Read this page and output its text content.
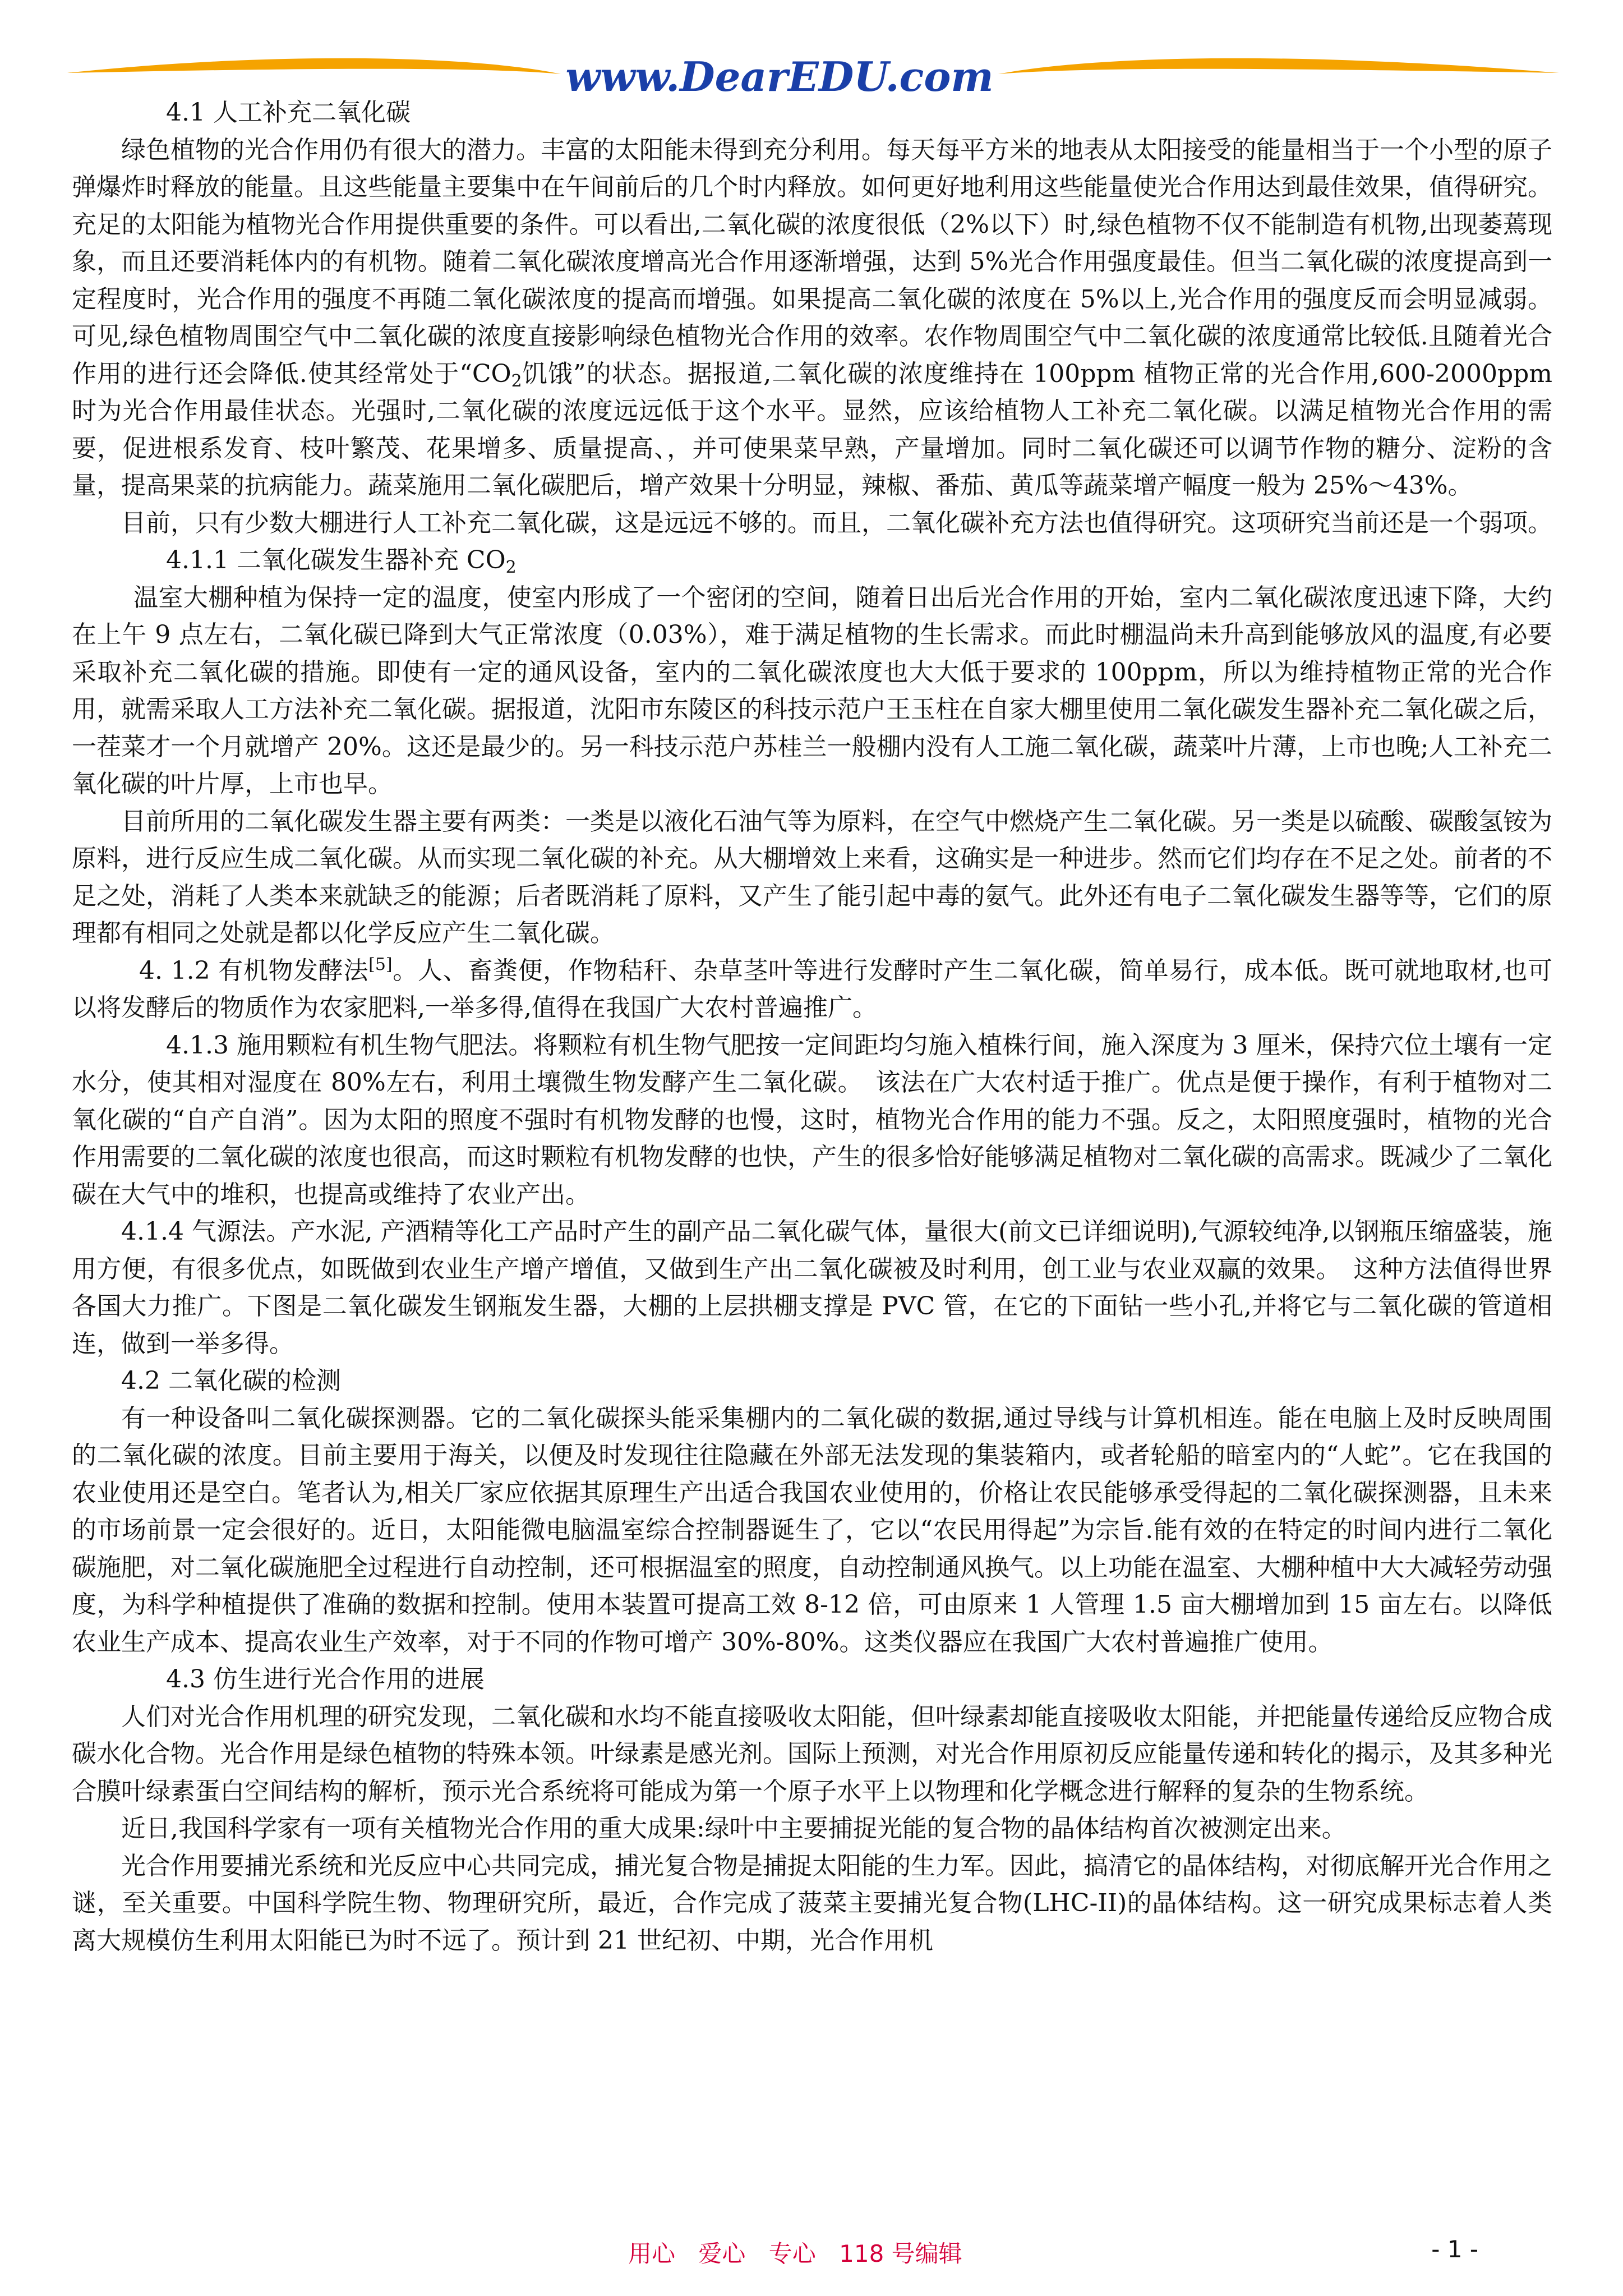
www.DearEDU.com

4.1 人工补充二氧化碳

绿色植物的光合作用仍有很大的潜力。丰富的太阳能未得到充分利用。每天每平方米的地表从太阳接受的能量相当于一个小型的原子弹爆炸时释放的能量。且这些能量主要集中在午间前后的几个时内释放。如何更好地利用这些能量使光合作用达到最佳效果，值得研究。充足的太阳能为植物光合作用提供重要的条件。可以看出,二氧化碳的浓度很低（2%以下）时,绿色植物不仅不能制造有机物,出现萎蔫现象，而且还要消耗体内的有机物。随着二氧化碳浓度增高光合作用逐渐增强，达到 5%光合作用强度最佳。但当二氧化碳的浓度提高到一定程度时，光合作用的强度不再随二氧化碳浓度的提高而增强。如果提高二氧化碳的浓度在 5%以上,光合作用的强度反而会明显减弱。可见,绿色植物周围空气中二氧化碳的浓度直接影响绿色植物光合作用的效率。农作物周围空气中二氧化碳的浓度通常比较低.且随着光合作用的进行还会降低.使其经常处于“$CO_2$饥饿”的状态。据报道,二氧化碳的浓度维持在 100ppm 植物正常的光合作用,600-2000ppm 时为光合作用最佳状态。光强时,二氧化碳的浓度远远低于这个水平。显然，应该给植物人工补充二氧化碳。以满足植物光合作用的需要，促进根系发育、枝叶繁茂、花果增多、质量提高、，并可使果菜早熟，产量增加。同时二氧化碳还可以调节作物的糖分、淀粉的含量，提高果菜的抗病能力。蔬菜施用二氧化碳肥后，增产效果十分明显，辣椒、番茄、黄瓜等蔬菜增产幅度一般为 25%～43%。

目前，只有少数大棚进行人工补充二氧化碳，这是远远不够的。而且，二氧化碳补充方法也值得研究。这项研究当前还是一个弱项。

4.1.1 二氧化碳发生器补充 $CO_2$

温室大棚种植为保持一定的温度，使室内形成了一个密闭的空间，随着日出后光合作用的开始，室内二氧化碳浓度迅速下降，大约在上午 9 点左右，二氧化碳已降到大气正常浓度（0.03%），难于满足植物的生长需求。而此时棚温尚未升高到能够放风的温度,有必要采取补充二氧化碳的措施。即使有一定的通风设备，室内的二氧化碳浓度也大大低于要求的 100ppm，所以为维持植物正常的光合作用，就需采取人工方法补充二氧化碳。据报道，沈阳市东陵区的科技示范户王玉柱在自家大棚里使用二氧化碳发生器补充二氧化碳之后，一茬菜才一个月就增产 20%。这还是最少的。另一科技示范户苏桂兰一般棚内没有人工施二氧化碳，蔬菜叶片薄，上市也晚;人工补充二氧化碳的叶片厚，上市也早。

目前所用的二氧化碳发生器主要有两类：一类是以液化石油气等为原料，在空气中燃烧产生二氧化碳。另一类是以硫酸、碳酸氢铵为原料，进行反应生成二氧化碳。从而实现二氧化碳的补充。从大棚增效上来看，这确实是一种进步。然而它们均存在不足之处。前者的不足之处，消耗了人类本来就缺乏的能源；后者既消耗了原料，又产生了能引起中毒的氨气。此外还有电子二氧化碳发生器等等，它们的原理都有相同之处就是都以化学反应产生二氧化碳。

4. 1.2 有机物发酵法[5]。人、畜粪便，作物秸秆、杂草茎叶等进行发酵时产生二氧化碳，简单易行，成本低。既可就地取材,也可以将发酵后的物质作为农家肥料,一举多得,值得在我国广大农村普遍推广。

4.1.3 施用颗粒有机生物气肥法。将颗粒有机生物气肥按一定间距均匀施入植株行间，施入深度为 3 厘米，保持穴位土壤有一定水分，使其相对湿度在 80%左右，利用土壤微生物发酵产生二氧化碳。　该法在广大农村适于推广。优点是便于操作，有利于植物对二氧化碳的“自产自消”。因为太阳的照度不强时有机物发酵的也慢，这时，植物光合作用的能力不强。反之，太阳照度强时，植物的光合作用需要的二氧化碳的浓度也很高，而这时颗粒有机物发酵的也快，产生的很多恰好能够满足植物对二氧化碳的高需求。既减少了二氧化碳在大气中的堆积，也提高或维持了农业产出。

4.1.4 气源法。产水泥, 产酒精等化工产品时产生的副产品二氧化碳气体，量很大(前文已详细说明),气源较纯净,以钢瓶压缩盛装，施用方便，有很多优点，如既做到农业生产增产增值，又做到生产出二氧化碳被及时利用，创工业与农业双赢的效果。　这种方法值得世界各国大力推广。下图是二氧化碳发生钢瓶发生器，大棚的上层拱棚支撑是 PVC 管，在它的下面钻一些小孔,并将它与二氧化碳的管道相连，做到一举多得。

4.2 二氧化碳的检测

有一种设备叫二氧化碳探测器。它的二氧化碳探头能采集棚内的二氧化碳的数据,通过导线与计算机相连。能在电脑上及时反映周围的二氧化碳的浓度。目前主要用于海关，以便及时发现往往隐藏在外部无法发现的集装箱内，或者轮船的暗室内的“人蛇”。它在我国的农业使用还是空白。笔者认为,相关厂家应依据其原理生产出适合我国农业使用的，价格让农民能够承受得起的二氧化碳探测器，且未来的市场前景一定会很好的。近日，太阳能微电脑温室综合控制器诞生了，它以“农民用得起”为宗旨.能有效的在特定的时间内进行二氧化碳施肥，对二氧化碳施肥全过程进行自动控制，还可根据温室的照度，自动控制通风换气。以上功能在温室、大棚种植中大大减轻劳动强度，为科学种植提供了准确的数据和控制。使用本装置可提高工效 8-12 倍，可由原来 1 人管理 1.5 亩大棚增加到 15 亩左右。以降低农业生产成本、提高农业生产效率，对于不同的作物可增产 30%-80%。这类仪器应在我国广大农村普遍推广使用。

4.3 仿生进行光合作用的进展

人们对光合作用机理的研究发现，二氧化碳和水均不能直接吸收太阳能，但叶绿素却能直接吸收太阳能，并把能量传递给反应物合成碳水化合物。光合作用是绿色植物的特殊本领。叶绿素是感光剂。国际上预测，对光合作用原初反应能量传递和转化的揭示，及其多种光合膜叶绿素蛋白空间结构的解析，预示光合系统将可能成为第一个原子水平上以物理和化学概念进行解释的复杂的生物系统。

近日,我国科学家有一项有关植物光合作用的重大成果:绿叶中主要捕捉光能的复合物的晶体结构首次被测定出来。

光合作用要捕光系统和光反应中心共同完成，捕光复合物是捕捉太阳能的生力军。因此，搞清它的晶体结构，对彻底解开光合作用之谜，至关重要。中国科学院生物、物理研究所，最近，合作完成了菠菜主要捕光复合物(LHC-II)的晶体结构。这一研究成果标志着人类离大规模仿生利用太阳能已为时不远了。预计到 21 世纪初、中期，光合作用机

用心 爱心 专心 118 号编辑	- 1 -
